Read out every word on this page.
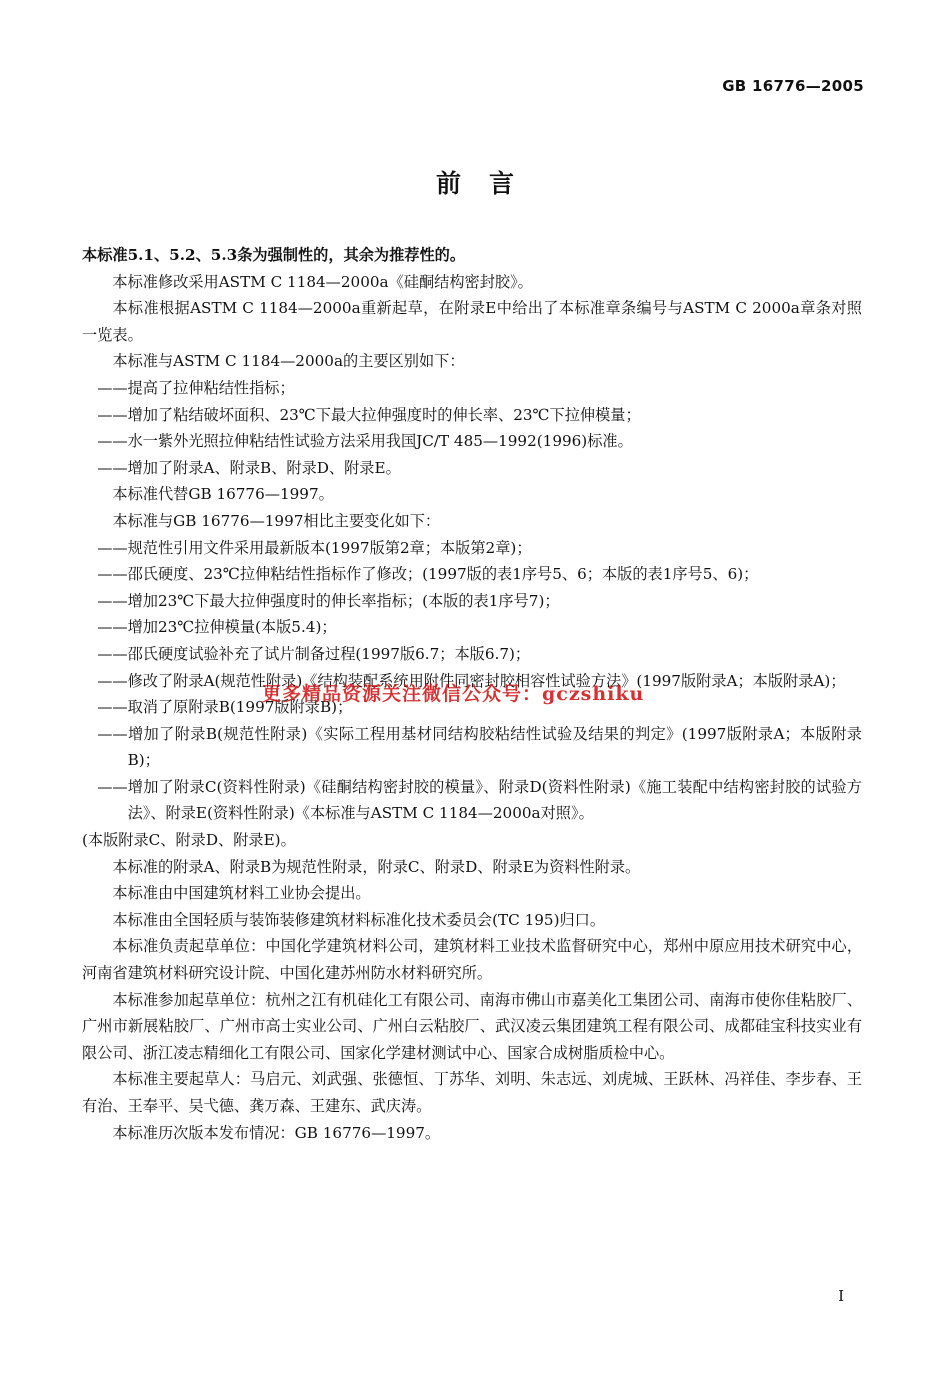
GB 16776—2005
前言

本标准5.1、5.2、5.3条为强制性的，其余为推荐性的。

本标准修改采用ASTM C 1184—2000a《硅酮结构密封胶》。

本标准根据ASTM C 1184—2000a重新起草，在附录E中给出了本标准章条编号与ASTM C 2000a章条对照一览表。

本标准与ASTM C 1184—2000a的主要区别如下：

——提高了拉伸粘结性指标；

——增加了粘结破坏面积、23℃下最大拉伸强度时的伸长率、23℃下拉伸模量；

——水一紫外光照拉伸粘结性试验方法采用我国JC/T 485—1992(1996)标准。

——增加了附录A、附录B、附录D、附录E。

本标准代替GB 16776—1997。

本标准与GB 16776—1997相比主要变化如下：

——规范性引用文件采用最新版本(1997版第2章；本版第2章)；

——邵氏硬度、23℃拉伸粘结性指标作了修改；(1997版的表1序号5、6；本版的表1序号5、6)；

——增加23℃下最大拉伸强度时的伸长率指标；(本版的表1序号7)；

——增加23℃拉伸模量(本版5.4)；

——邵氏硬度试验补充了试片制备过程(1997版6.7；本版6.7)；

——修改了附录A(规范性附录)《结构装配系统用附件同密封胶相容性试验方法》(1997版附录A；本版附录A)；

——取消了原附录B(1997版附录B)；

——增加了附录B(规范性附录)《实际工程用基材同结构胶粘结性试验及结果的判定》(1997版附录A；本版附录B)；

——增加了附录C(资料性附录)《硅酮结构密封胶的模量》、附录D(资料性附录)《施工装配中结构密封胶的试验方法》、附录E(资料性附录)《本标准与ASTM C 1184—2000a对照》。

(本版附录C、附录D、附录E)。

本标准的附录A、附录B为规范性附录，附录C、附录D、附录E为资料性附录。

本标准由中国建筑材料工业协会提出。

本标准由全国轻质与装饰装修建筑材料标准化技术委员会(TC 195)归口。

本标准负责起草单位：中国化学建筑材料公司，建筑材料工业技术监督研究中心，郑州中原应用技术研究中心，河南省建筑材料研究设计院、中国化建苏州防水材料研究所。

本标准参加起草单位：杭州之江有机硅化工有限公司、南海市佛山市嘉美化工集团公司、南海市使你佳粘胶厂、广州市新展粘胶厂、广州市高士实业公司、广州白云粘胶厂、武汉凌云集团建筑工程有限公司、成都硅宝科技实业有限公司、浙江凌志精细化工有限公司、国家化学建材测试中心、国家合成树脂质检中心。

本标准主要起草人：马启元、刘武强、张德恒、丁苏华、刘明、朱志远、刘虎城、王跃林、冯祥佳、李步春、王有治、王奉平、吴弋德、龚万森、王建东、武庆涛。

本标准历次版本发布情况：GB 16776—1997。

更多精品资源关注微信公众号：gczshiku
I
